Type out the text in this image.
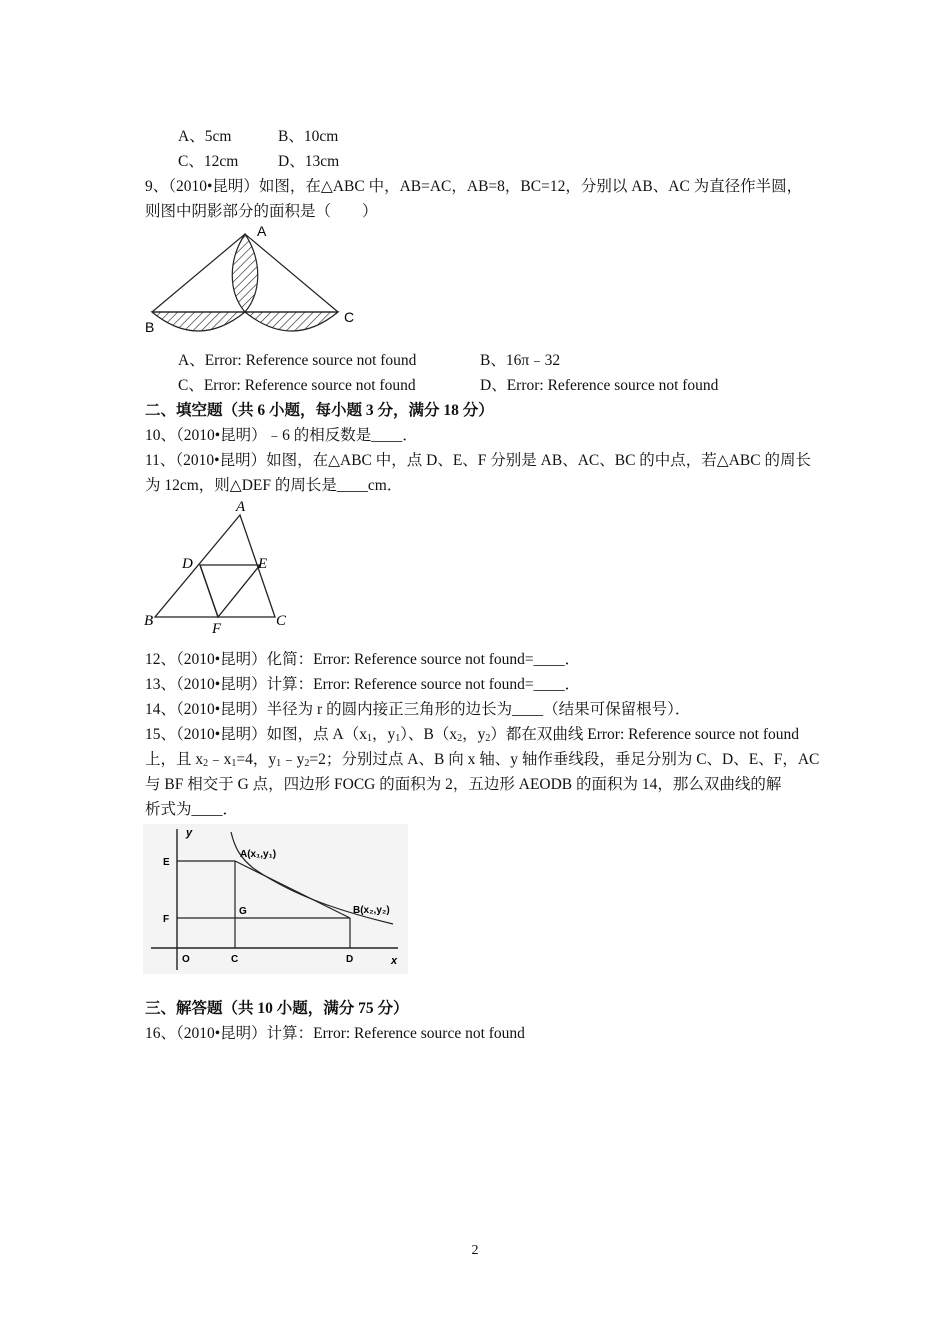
A、5cm	B、10cm
C、12cm	D、13cm
9、（2010•昆明）如图，在△ABC 中，AB=AC，AB=8，BC=12，分别以 AB、AC 为直径作半圆，
则图中阴影部分的面积是（　　）
A
B
C
A、Error: Reference source not found	B、16π﹣32
C、Error: Reference source not found	D、Error: Reference source not found
二、填空题（共 6 小题，每小题 3 分，满分 18 分）
10、（2010•昆明）﹣6 的相反数是____．
11、（2010•昆明）如图，在△ABC 中，点 D、E、F 分别是 AB、AC、BC 的中点，若△ABC 的周长
为 12cm，则△DEF 的周长是____cm．
A
D	E
B	C
F
12、（2010•昆明）化简：Error: Reference source not found=____．
13、（2010•昆明）计算：Error: Reference source not found=____．
14、（2010•昆明）半径为 r 的圆内接正三角形的边长为____（结果可保留根号）．
15、（2010•昆明）如图，点 $A(x_1$，$y_1$）、$B(x_2$，$y_2$）都在双曲线 Error: Reference source not found
上，且 $x_2﹣x_1=4$，$y_1﹣y_2=2$；分别过点 A、B 向 x 轴、y 轴作垂线段，垂足分别为 C、D、E、F，AC
与 BF 相交于 G 点，四边形 FOCG 的面积为 2，五边形 AEODB 的面积为 14，那么双曲线的解
析式为____．
y
x
E
F
G
O	C	D
A(x₁,y₁)
B(x₂,y₂)
三、解答题（共 10 小题，满分 75 分）
16、（2010•昆明）计算：Error: Reference source not found
2
